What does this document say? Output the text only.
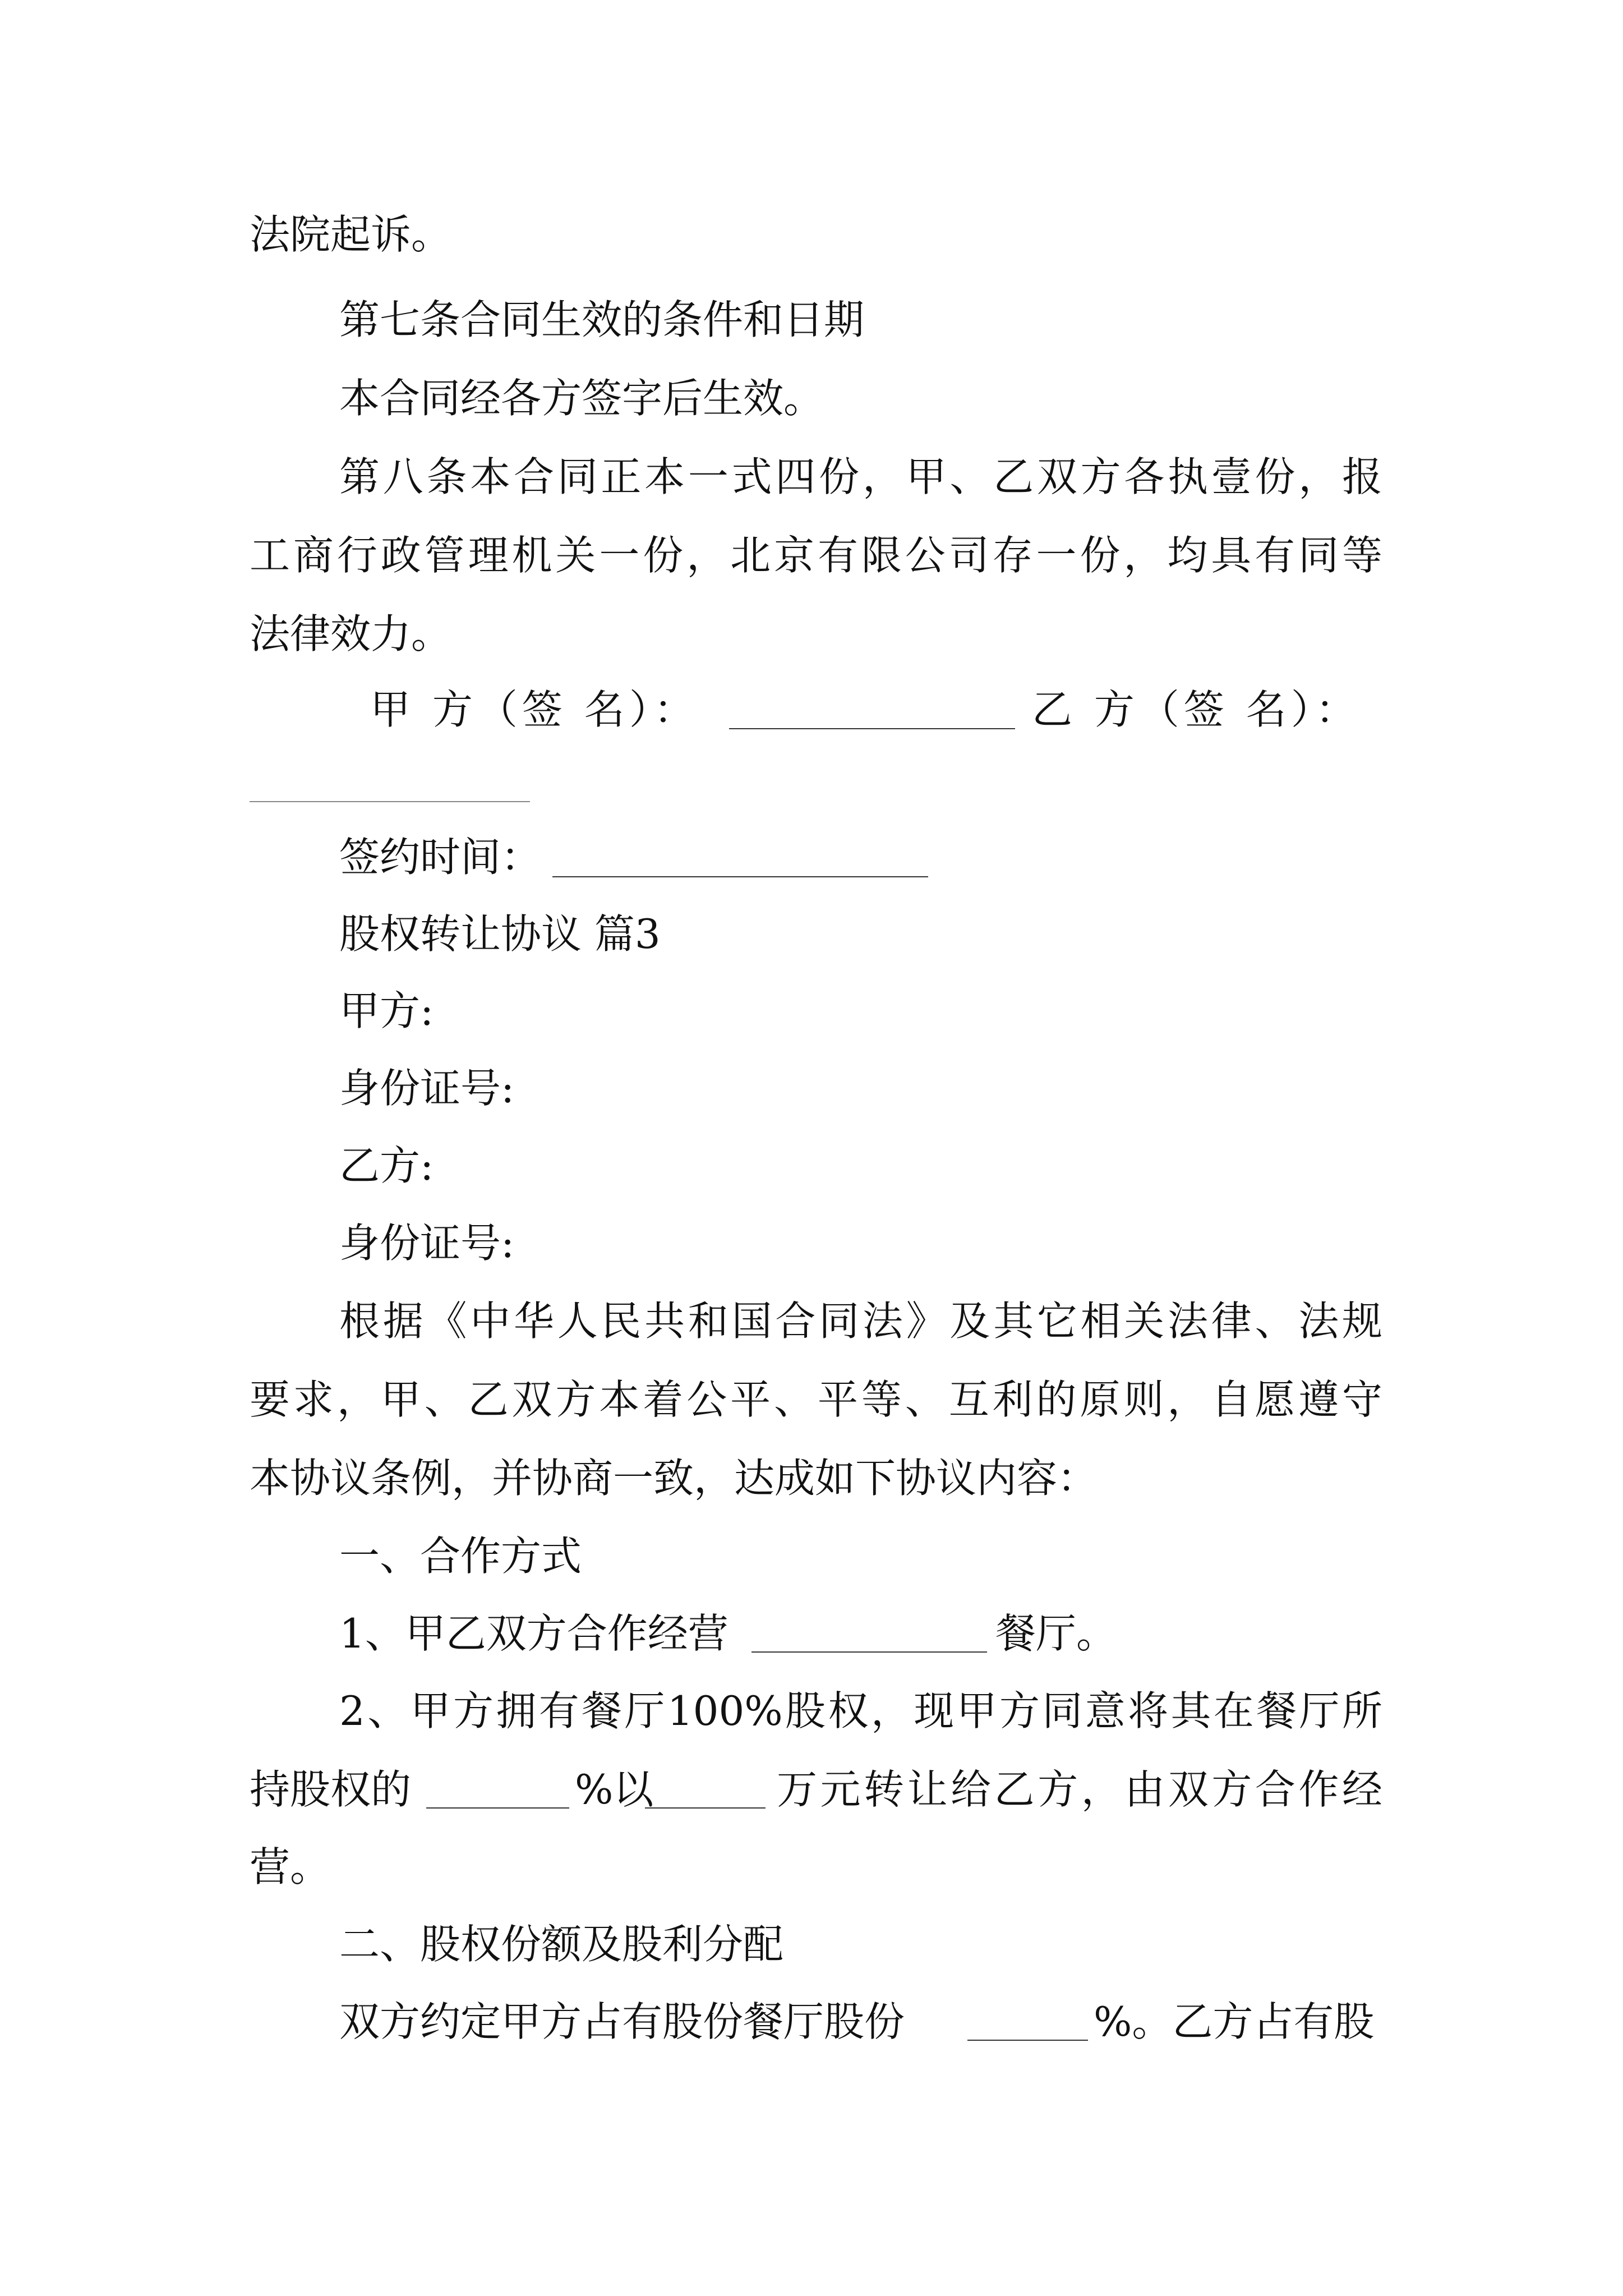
法院起诉。
第七条合同生效的条件和日期
本合同经各方签字后生效。
第八条本合同正本一式四份，甲、乙双方各执壹份，报
工商行政管理机关一份，北京有限公司存一份，均具有同等
法律效力。
甲 方（签 名）：	乙 方（签 名）：
签约时间：
股权转让协议 篇3
甲方:
身份证号:
乙方:
身份证号:
根据《中华人民共和国合同法》及其它相关法律、法规
要求，甲、乙双方本着公平、平等、互利的原则，自愿遵守
本协议条例，并协商一致，达成如下协议内容：
一、合作方式
1、甲乙双方合作经营	餐厅。
2、甲方拥有餐厅100%股权，现甲方同意将其在餐厅所
持股权的	%以	万元转让给乙方，由双方合作经
营。
二、股权份额及股利分配
双方约定甲方占有股份餐厅股份	%。乙方占有股
